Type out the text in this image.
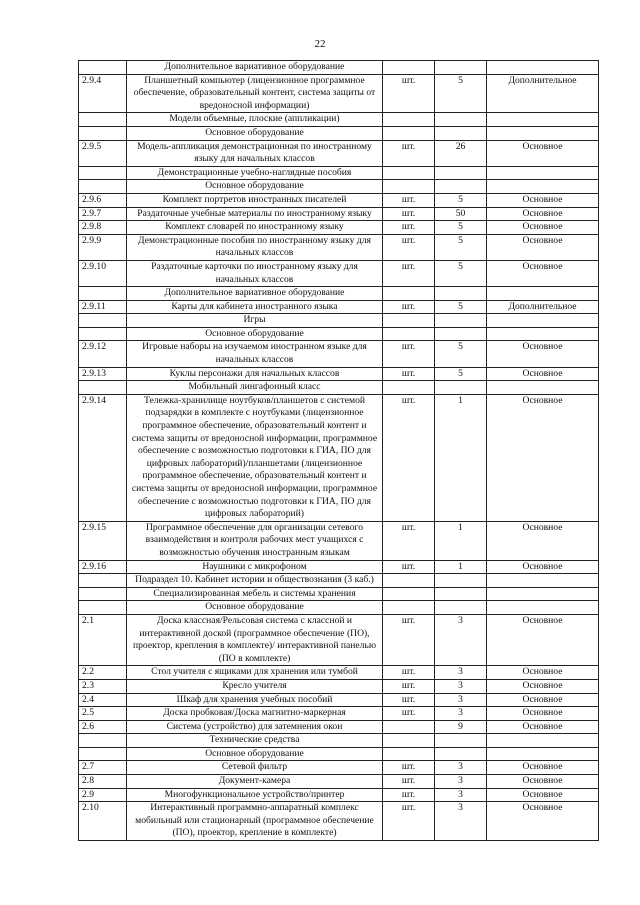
22
	Дополнительное вариативное оборудование			
2.9.4	Планшетный компьютер (лицензионное программное обеспечение, образовательный контент, система защиты от вредоносной информации)	шт.	5	Дополнительное
	Модели объемные, плоские (аппликации)			
	Основное оборудование			
2.9.5	Модель-аппликация демонстрационная по иностранному языку для начальных классов	шт.	26	Основное
	Демонстрационные учебно-наглядные пособия			
	Основное оборудование			
2.9.6	Комплект портретов иностранных писателей	шт.	5	Основное
2.9.7	Раздаточные учебные материалы по иностранному языку	шт.	50	Основное
2.9.8	Комплект словарей по иностранному языку	шт.	5	Основное
2.9.9	Демонстрационные пособия по иностранному языку для начальных классов	шт.	5	Основное
2.9.10	Раздаточные карточки по иностранному языку для начальных классов	шт.	5	Основное
	Дополнительное вариативное оборудование			
2.9.11	Карты для кабинета иностранного языка	шт.	5	Дополнительное
	Игры			
	Основное оборудование			
2.9.12	Игровые наборы на изучаемом иностранном языке для начальных классов	шт.	5	Основное
2.9.13	Куклы персонажи для начальных классов	шт.	5	Основное
	Мобильный лингафонный класс			
2.9.14	Тележка-хранилище ноутбуков/планшетов с системой подзарядки в комплекте с ноутбуками (лицензионное программное обеспечение, образовательный контент и система защиты от вредоносной информации, программное обеспечение с возможностью подготовки к ГИА, ПО для цифровых лабораторий)/планшетами (лицензионное программное обеспечение, образовательный контент и система защиты от вредоносной информации, программное обеспечение с возможностью подготовки к ГИА, ПО для цифровых лабораторий)	шт.	1	Основное
2.9.15	Программное обеспечение для организации сетевого взаимодействия и контроля рабочих мест учащихся с возможностью обучения иностранным языкам	шт.	1	Основное
2.9.16	Наушники с микрофоном	шт.	1	Основное
	Подраздел 10. Кабинет истории и обществознания (3 каб.)			
	Специализированная мебель и системы хранения			
	Основное оборудование			
2.1	Доска классная/Рельсовая система с классной и интерактивной доской (программное обеспечение (ПО), проектор, крепления в комплекте)/ интерактивной панелью (ПО в комплекте)	шт.	3	Основное
2.2	Стол учителя с ящиками для хранения или тумбой	шт.	3	Основное
2.3	Кресло учителя	шт.	3	Основное
2.4	Шкаф для хранения учебных пособий	шт.	3	Основное
2.5	Доска пробковая/Доска магнитно-маркерная	шт.	3	Основное
2.6	Система (устройство) для затемнения окон		9	Основное
	Технические средства			
	Основное оборудование			
2.7	Сетевой фильтр	шт.	3	Основное
2.8	Документ-камера	шт.	3	Основное
2.9	Многофункциональное устройство/принтер	шт.	3	Основное
2.10	Интерактивный программно-аппаратный комплекс мобильный или стационарный (программное обеспечение (ПО), проектор, крепление в комплекте)	шт.	3	Основное
